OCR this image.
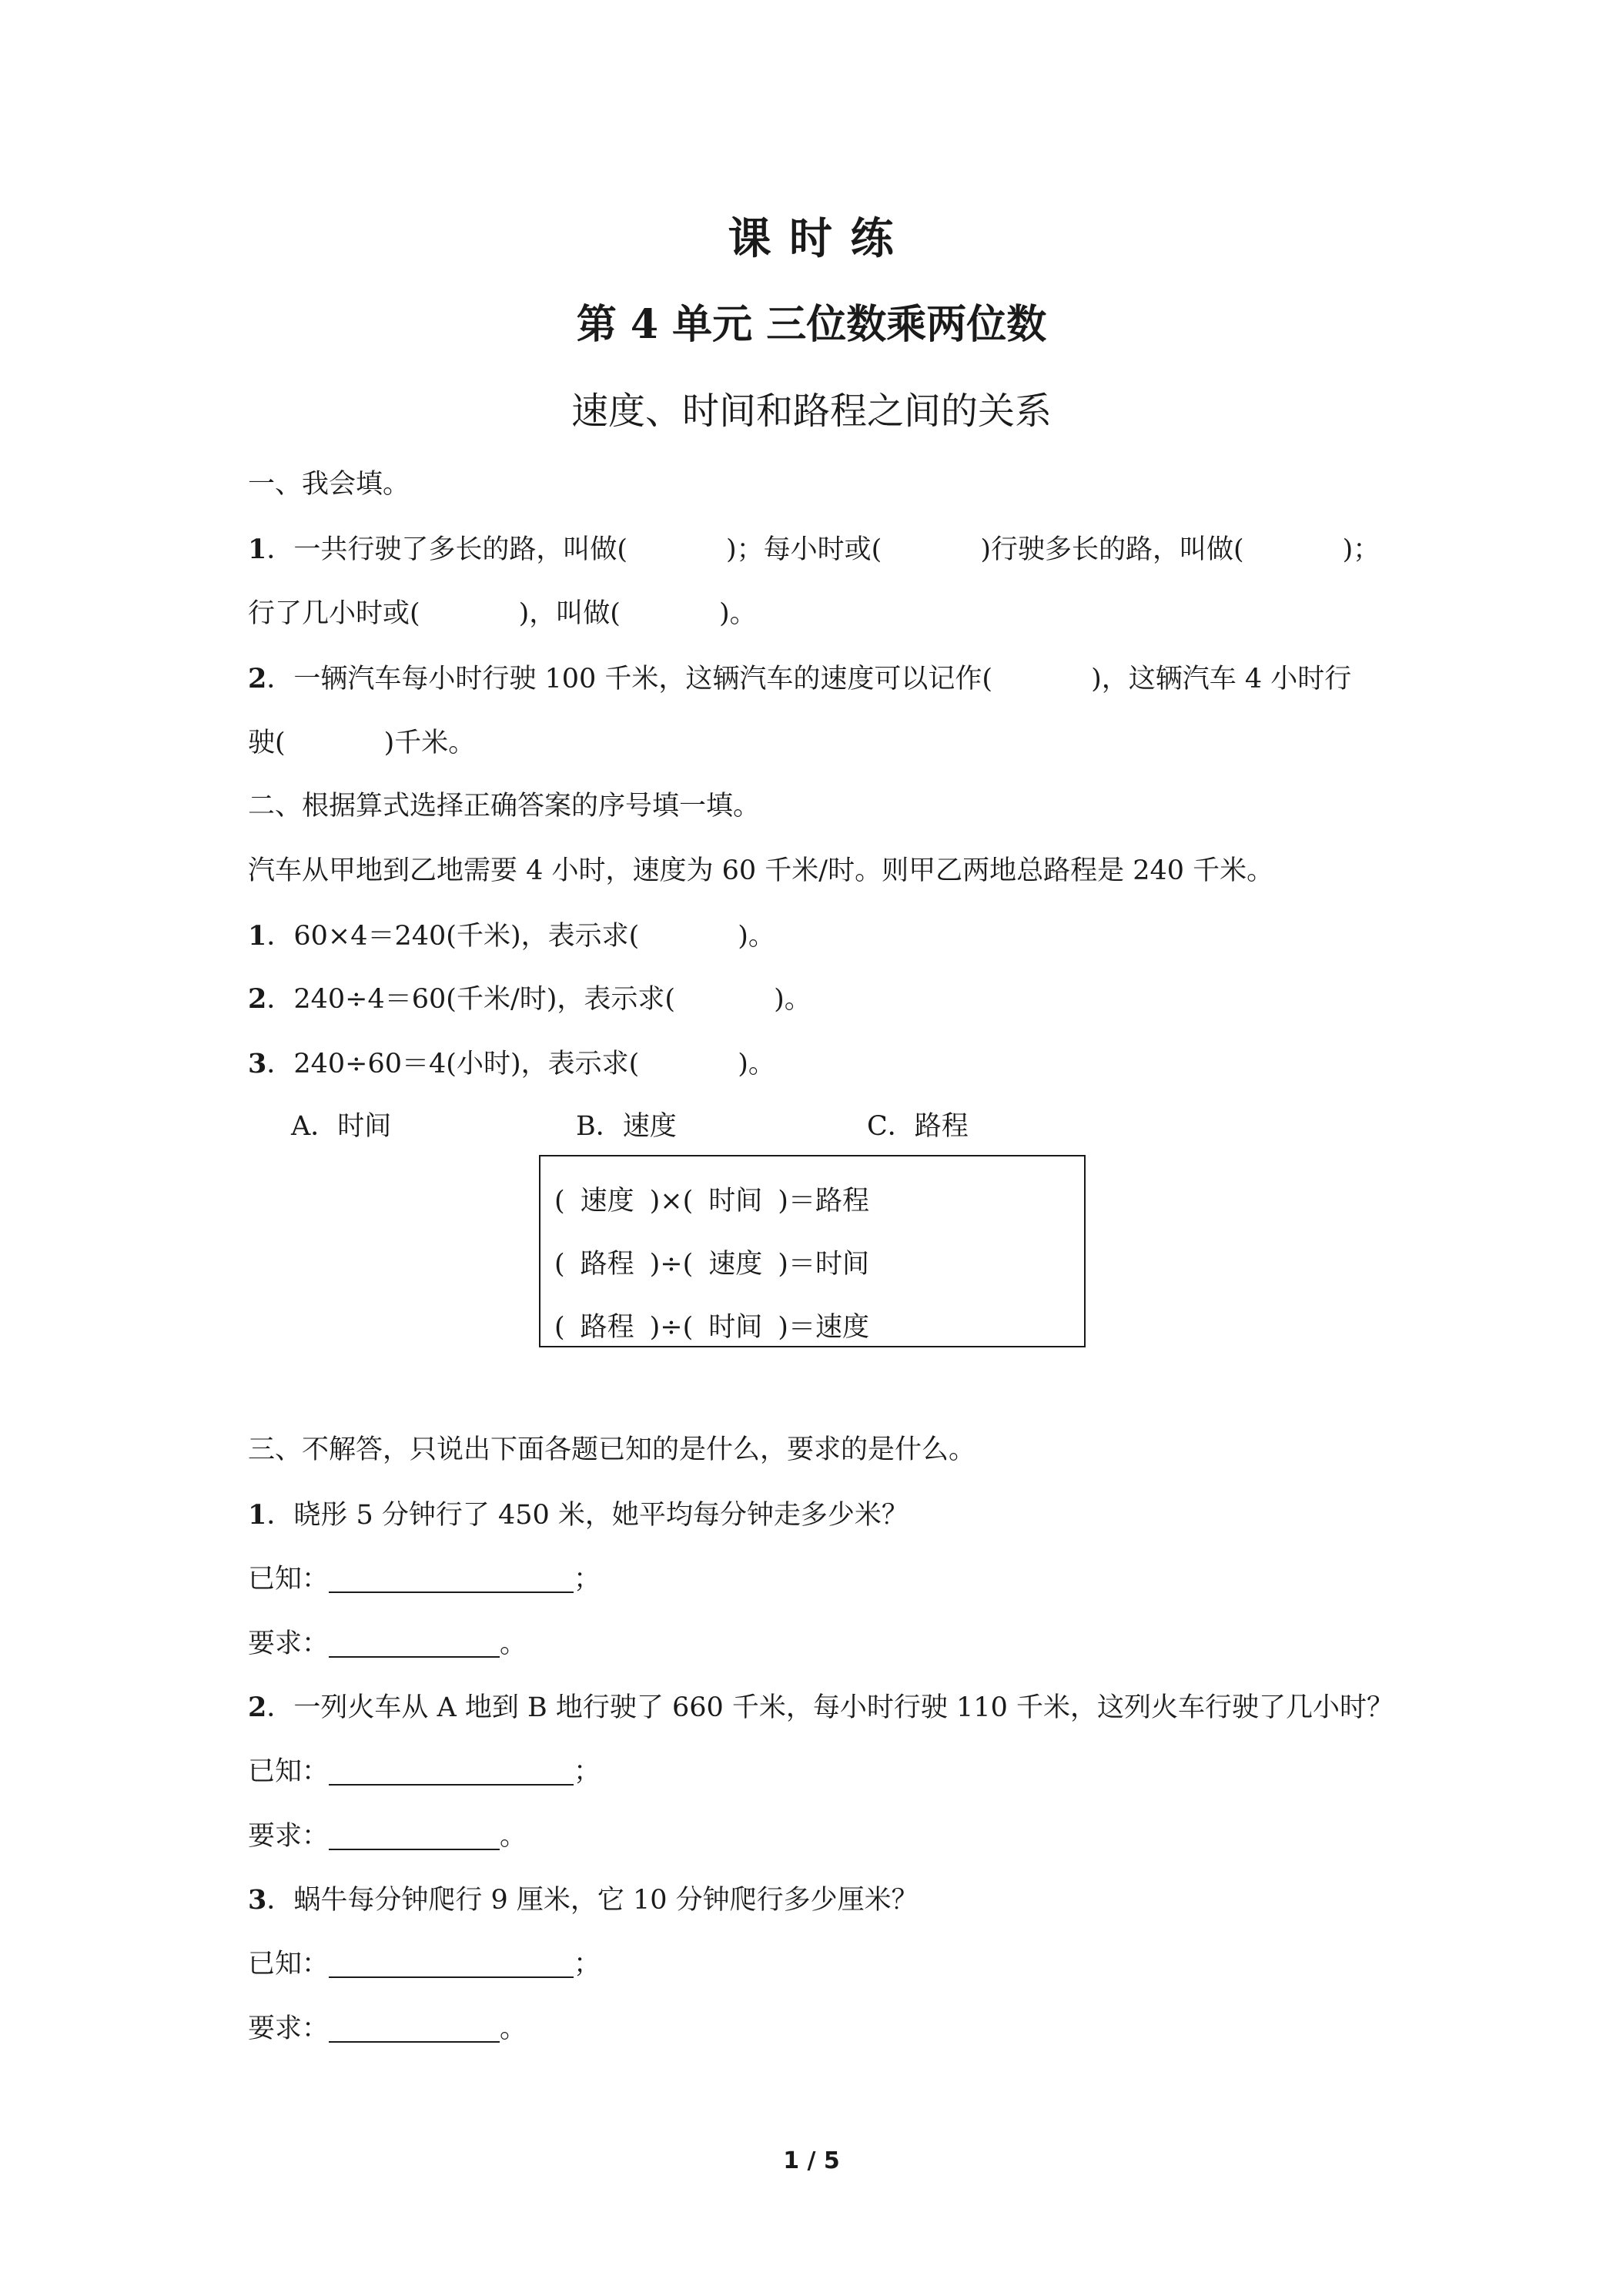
课 时 练
第 4 单元 三位数乘两位数
速度、时间和路程之间的关系
一、我会填。
1．一共行驶了多长的路，叫做(	)；每小时或(	)行驶多长的路，叫做(	)；
行了几小时或(	)，叫做(	)。
2．一辆汽车每小时行驶 100 千米，这辆汽车的速度可以记作(	)，这辆汽车 4 小时行
驶(	)千米。
二、根据算式选择正确答案的序号填一填。
汽车从甲地到乙地需要 4 小时，速度为 60 千米/时。则甲乙两地总路程是 240 千米。
1．60×4＝240(千米)，表示求(	)。
2．240÷4＝60(千米/时)，表示求(	)。
3．240÷60＝4(小时)，表示求(	)。
A．时间	B．速度	C．路程
( 速度 )×( 时间 )＝路程
( 路程 )÷( 速度 )＝时间
( 路程 )÷( 时间 )＝速度
三、不解答，只说出下面各题已知的是什么，要求的是什么。
1．晓彤 5 分钟行了 450 米，她平均每分钟走多少米？
已知：	；
要求：	。
2．一列火车从 A 地到 B 地行驶了 660 千米，每小时行驶 110 千米，这列火车行驶了几小时？
已知：	；
要求：	。
3．蜗牛每分钟爬行 9 厘米，它 10 分钟爬行多少厘米？
已知：	；
要求：	。
1 / 5
